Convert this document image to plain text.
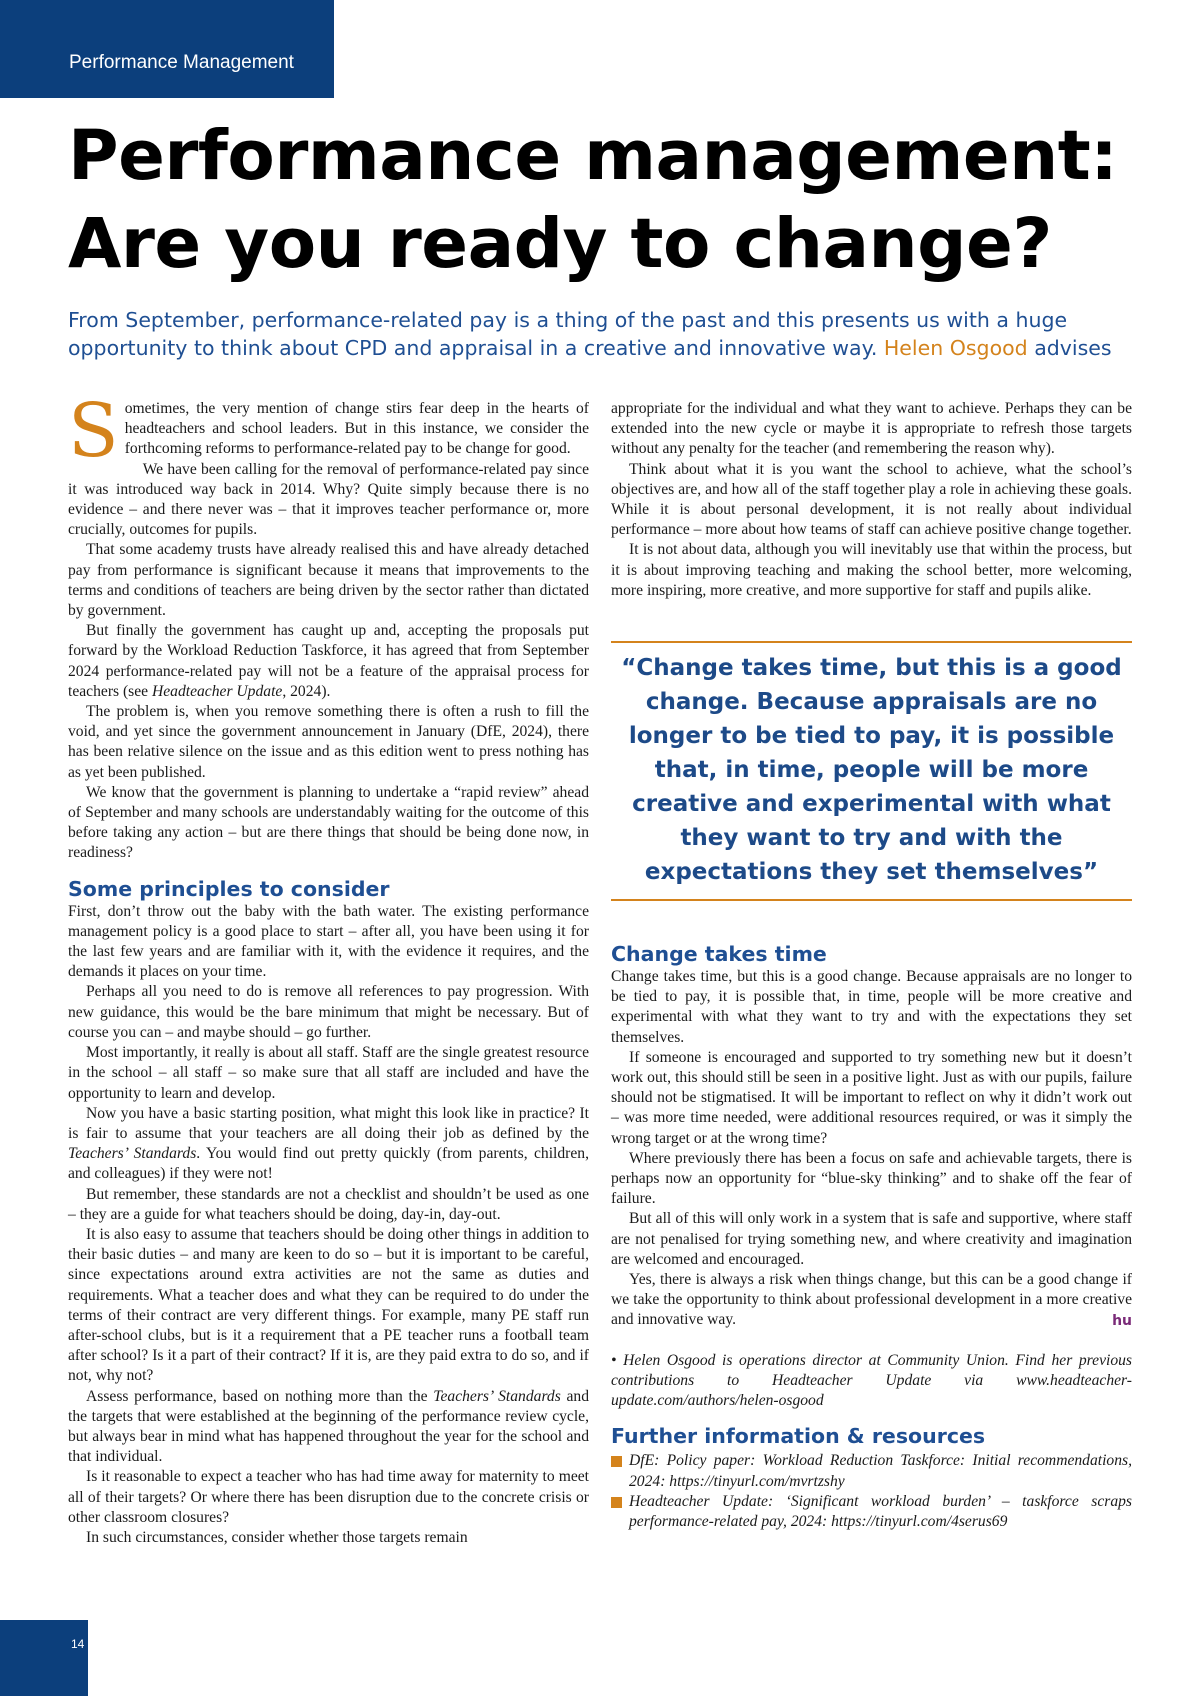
Performance Management
Performance management: Are you ready to change?
From September, performance-related pay is a thing of the past and this presents us with a huge opportunity to think about CPD and appraisal in a creative and innovative way. Helen Osgood advises

Sometimes, the very mention of change stirs fear deep in the hearts of headteachers and school leaders. But in this instance, we consider the forthcoming reforms to performance-related pay to be change for good.

We have been calling for the removal of performance-related pay since it was introduced way back in 2014. Why? Quite simply because there is no evidence – and there never was – that it improves teacher performance or, more crucially, outcomes for pupils.

That some academy trusts have already realised this and have already detached pay from performance is significant because it means that improvements to the terms and conditions of teachers are being driven by the sector rather than dictated by government.

But finally the government has caught up and, accepting the proposals put forward by the Workload Reduction Taskforce, it has agreed that from September 2024 performance-related pay will not be a feature of the appraisal process for teachers (see Headteacher Update, 2024).

The problem is, when you remove something there is often a rush to fill the void, and yet since the government announcement in January (DfE, 2024), there has been relative silence on the issue and as this edition went to press nothing has as yet been published.

We know that the government is planning to undertake a “rapid review” ahead of September and many schools are understandably waiting for the outcome of this before taking any action – but are there things that should be being done now, in readiness?

Some principles to consider

First, don’t throw out the baby with the bath water. The existing performance management policy is a good place to start – after all, you have been using it for the last few years and are familiar with it, with the evidence it requires, and the demands it places on your time.

Perhaps all you need to do is remove all references to pay progression. With new guidance, this would be the bare minimum that might be necessary. But of course you can – and maybe should – go further.

Most importantly, it really is about all staff. Staff are the single greatest resource in the school – all staff – so make sure that all staff are included and have the opportunity to learn and develop.

Now you have a basic starting position, what might this look like in practice? It is fair to assume that your teachers are all doing their job as defined by the Teachers’ Standards. You would find out pretty quickly (from parents, children, and colleagues) if they were not!

But remember, these standards are not a checklist and shouldn’t be used as one – they are a guide for what teachers should be doing, day-in, day-out.

It is also easy to assume that teachers should be doing other things in addition to their basic duties – and many are keen to do so – but it is important to be careful, since expectations around extra activities are not the same as duties and requirements. What a teacher does and what they can be required to do under the terms of their contract are very different things. For example, many PE staff run after-school clubs, but is it a requirement that a PE teacher runs a football team after school? Is it a part of their contract? If it is, are they paid extra to do so, and if not, why not?

Assess performance, based on nothing more than the Teachers’ Standards and the targets that were established at the beginning of the performance review cycle, but always bear in mind what has happened throughout the year for the school and that individual.

Is it reasonable to expect a teacher who has had time away for maternity to meet all of their targets? Or where there has been disruption due to the concrete crisis or other classroom closures?

In such circumstances, consider whether those targets remain

appropriate for the individual and what they want to achieve. Perhaps they can be extended into the new cycle or maybe it is appropriate to refresh those targets without any penalty for the teacher (and remembering the reason why).

Think about what it is you want the school to achieve, what the school’s objectives are, and how all of the staff together play a role in achieving these goals. While it is about personal development, it is not really about individual performance – more about how teams of staff can achieve positive change together.

It is not about data, although you will inevitably use that within the process, but it is about improving teaching and making the school better, more welcoming, more inspiring, more creative, and more supportive for staff and pupils alike.

“Change takes time, but this is a good change. Because appraisals are no longer to be tied to pay, it is possible that, in time, people will be more creative and experimental with what they want to try and with the expectations they set themselves”
Change takes time

Change takes time, but this is a good change. Because appraisals are no longer to be tied to pay, it is possible that, in time, people will be more creative and experimental with what they want to try and with the expectations they set themselves.

If someone is encouraged and supported to try something new but it doesn’t work out, this should still be seen in a positive light. Just as with our pupils, failure should not be stigmatised. It will be important to reflect on why it didn’t work out – was more time needed, were additional resources required, or was it simply the wrong target or at the wrong time?

Where previously there has been a focus on safe and achievable targets, there is perhaps now an opportunity for “blue-sky thinking” and to shake off the fear of failure.

But all of this will only work in a system that is safe and supportive, where staff are not penalised for trying something new, and where creativity and imagination are welcomed and encouraged.

Yes, there is always a risk when things change, but this can be a good change if we take the opportunity to think about professional development in a more creative and innovative way.	hu

• Helen Osgood is operations director at Community Union. Find her previous contributions to Headteacher Update via www.headteacher-update.com/authors/helen-osgood

Further information & resources
DfE: Policy paper: Workload Reduction Taskforce: Initial recommendations, 2024: https://tinyurl.com/mvrtzshy
Headteacher Update: ‘Significant workload burden’ – taskforce scraps performance-related pay, 2024: https://tinyurl.com/4serus69
14
